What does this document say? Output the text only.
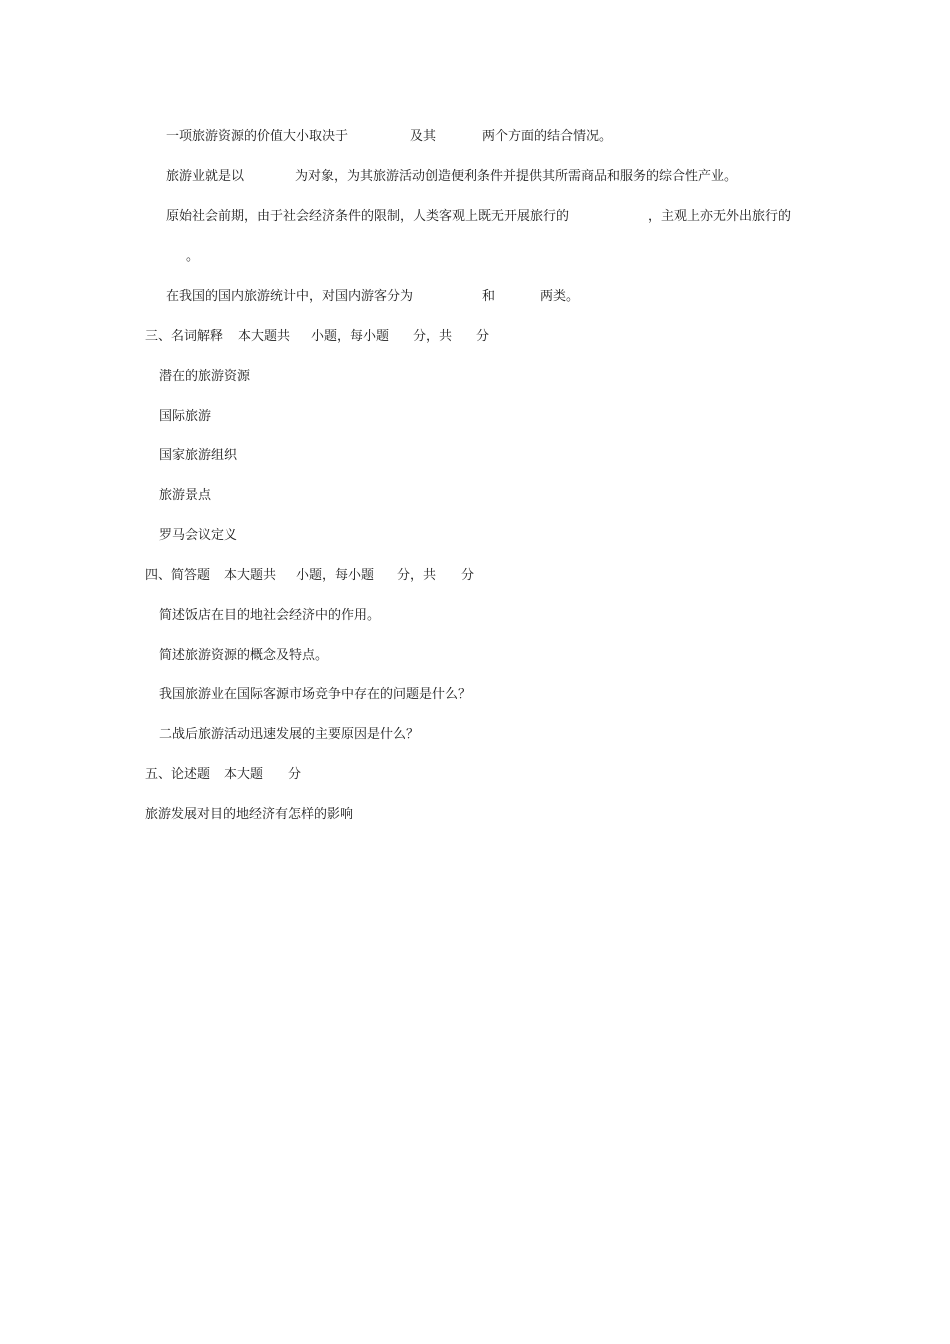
一项旅游资源的价值大小取决于	及其	两个方面的结合情况。
旅游业就是以	为对象，为其旅游活动创造便利条件并提供其所需商品和服务的综合性产业。
原始社会前期，由于社会经济条件的限制，人类客观上既无开展旅行的	，主观上亦无外出旅行的
。
在我国的国内旅游统计中，对国内游客分为	和	两类。
三、名词解释 本大题共 小题，每小题 分，共 分
潜在的旅游资源
国际旅游
国家旅游组织
旅游景点
罗马会议定义
四、简答题 本大题共 小题，每小题 分，共 分
简述饭店在目的地社会经济中的作用。
简述旅游资源的概念及特点。
我国旅游业在国际客源市场竞争中存在的问题是什么？
二战后旅游活动迅速发展的主要原因是什么？
五、论述题 本大题 分
旅游发展对目的地经济有怎样的影响
